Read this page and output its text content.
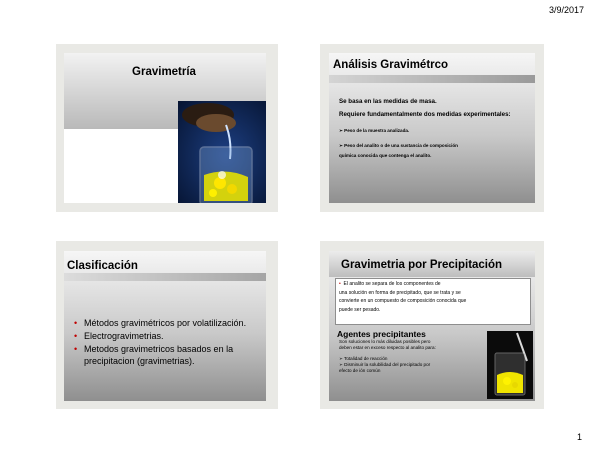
3/9/2017
Gravimetría
Análisis Gravimétrco

Se basa en las medidas de masa.

Requiere fundamentalmente dos medidas experimentales:

➢ Peso de la muestra analizada.

➢ Peso del analito o de una sustancia de composición

química conocida que contenga el analito.

Clasificación
• Métodos gravimétricos por volatilización.
• Electrogravimetrias.
• Metodos gravimetricos basados en la precipitacion (gravimetrias).
Gravimetria por Precipitación
• El analito se separa de los componentes de
una solución en forma de precipitado, que se trata y se
convierte en un compuesto de composición conocida que
puede ser pesado.
Agentes precipitantes

Son soluciones lo más diluidas posibles pero

deben estar en exceso respecto al analito para:

➢ Totalidad de reacción

➢ Disminuir la solubilidad del precipitado por

efecto de ión común

1
